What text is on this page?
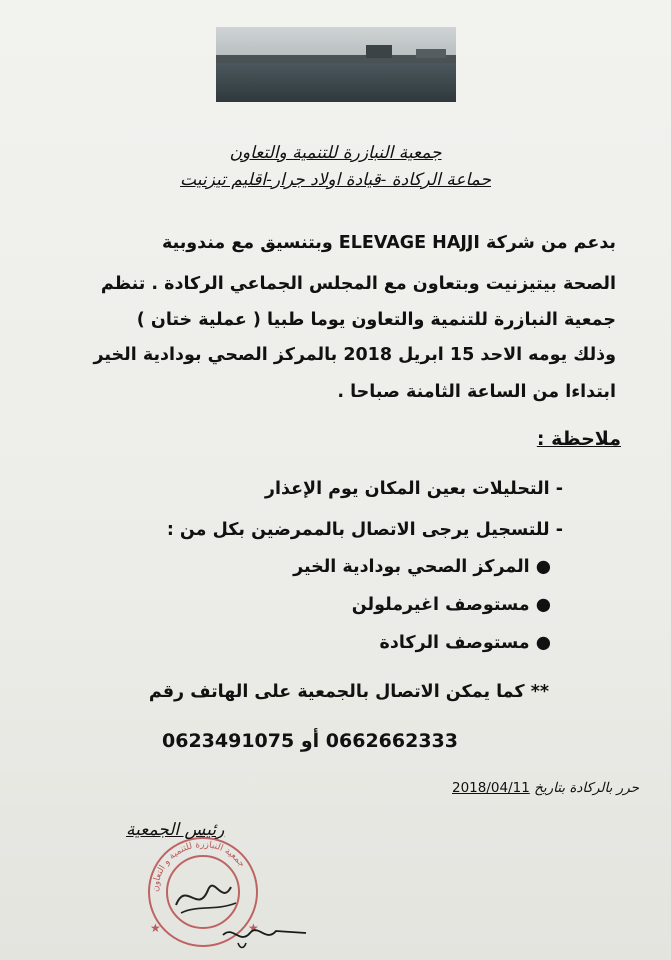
جمعية النبازرة للتنمية والتعاون
حماعة الركادة -قيادة اولاد جرار-اقليم تيزنيت
بدعم من شركة ELEVAGE HAJJI وبتنسيق مع مندوبية
الصحة بيتيزنيت وبتعاون مع المجلس الجماعي الركادة . تنظم
جمعية النبازرة للتنمية والتعاون يوما طبيا ( عملية ختان )
وذلك يومه الاحد 15 ابريل 2018 بالمركز الصحي بودادية الخير
ابتداءا من الساعة الثامنة صباحا .
ملاحظة :
- التحليلات بعين المكان يوم الإعذار
- للتسجيل يرجى الاتصال بالممرضين بكل من :
● المركز الصحي بودادية الخير
● مستوصف اغيرملولن
● مستوصف الركادة
** كما يمكن الاتصال بالجمعية على الهاتف رقم
0662662333 أو 0623491075
حرر بالركادة بتاريخ 2018/04/11
رئيس الجمعية
جمعية النبازرة للتنمية و التعاون
★	★
